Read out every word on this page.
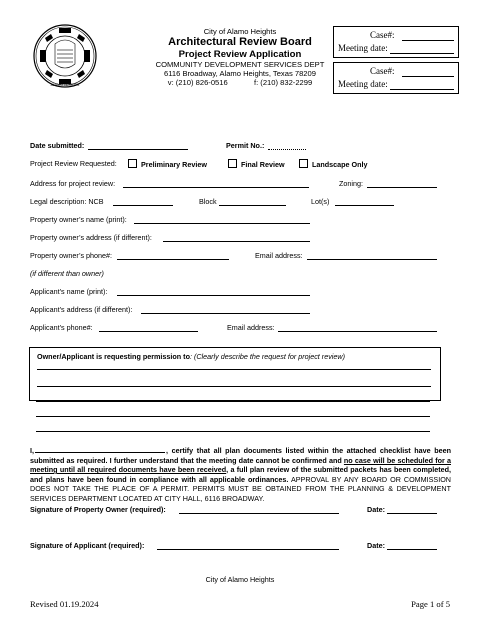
ALAMO HEIGHTS
City of Alamo Heights
Architectural Review Board
Project Review Application
COMMUNITY DEVELOPMENT SERVICES DEPT
6116 Broadway, Alamo Heights, Texas 78209
v: (210) 826-0516	f: (210) 832-2299
Case#:
Meeting date:
Case#:
Meeting date:
Date submitted:	Permit No.:
Project Review Requested:	Preliminary Review	Final Review	Landscape Only
Address for project review:	Zoning:
Legal description: NCB	Block	Lot(s)
Property owner’s name (print):
Property owner’s address (if different):
Property owner’s phone#:	Email address:
(if different than owner)
Applicant’s name (print):
Applicant’s address (if different):
Applicant’s phone#:	Email address:
Owner/Applicant is requesting permission to: (Clearly describe the request for project review)
I,	, certify that all plan documents listed within the attached checklist have been submitted as required. I further understand that the meeting date cannot be confirmed and no case will be scheduled for a meeting until all required documents have been received, a full plan review of the submitted packets has been completed, and plans have been found in compliance with all applicable ordinances. APPROVAL BY ANY BOARD OR COMMISSION DOES NOT TAKE THE PLACE OF A PERMIT. PERMITS MUST BE OBTAINED FROM THE PLANNING & DEVELOPMENT SERVICES DEPARTMENT LOCATED AT CITY HALL, 6116 BROADWAY.
Signature of Property Owner (required):	Date:
Signature of Applicant (required):	Date:
City of Alamo Heights
Revised 01.19.2024	Page 1 of 5
